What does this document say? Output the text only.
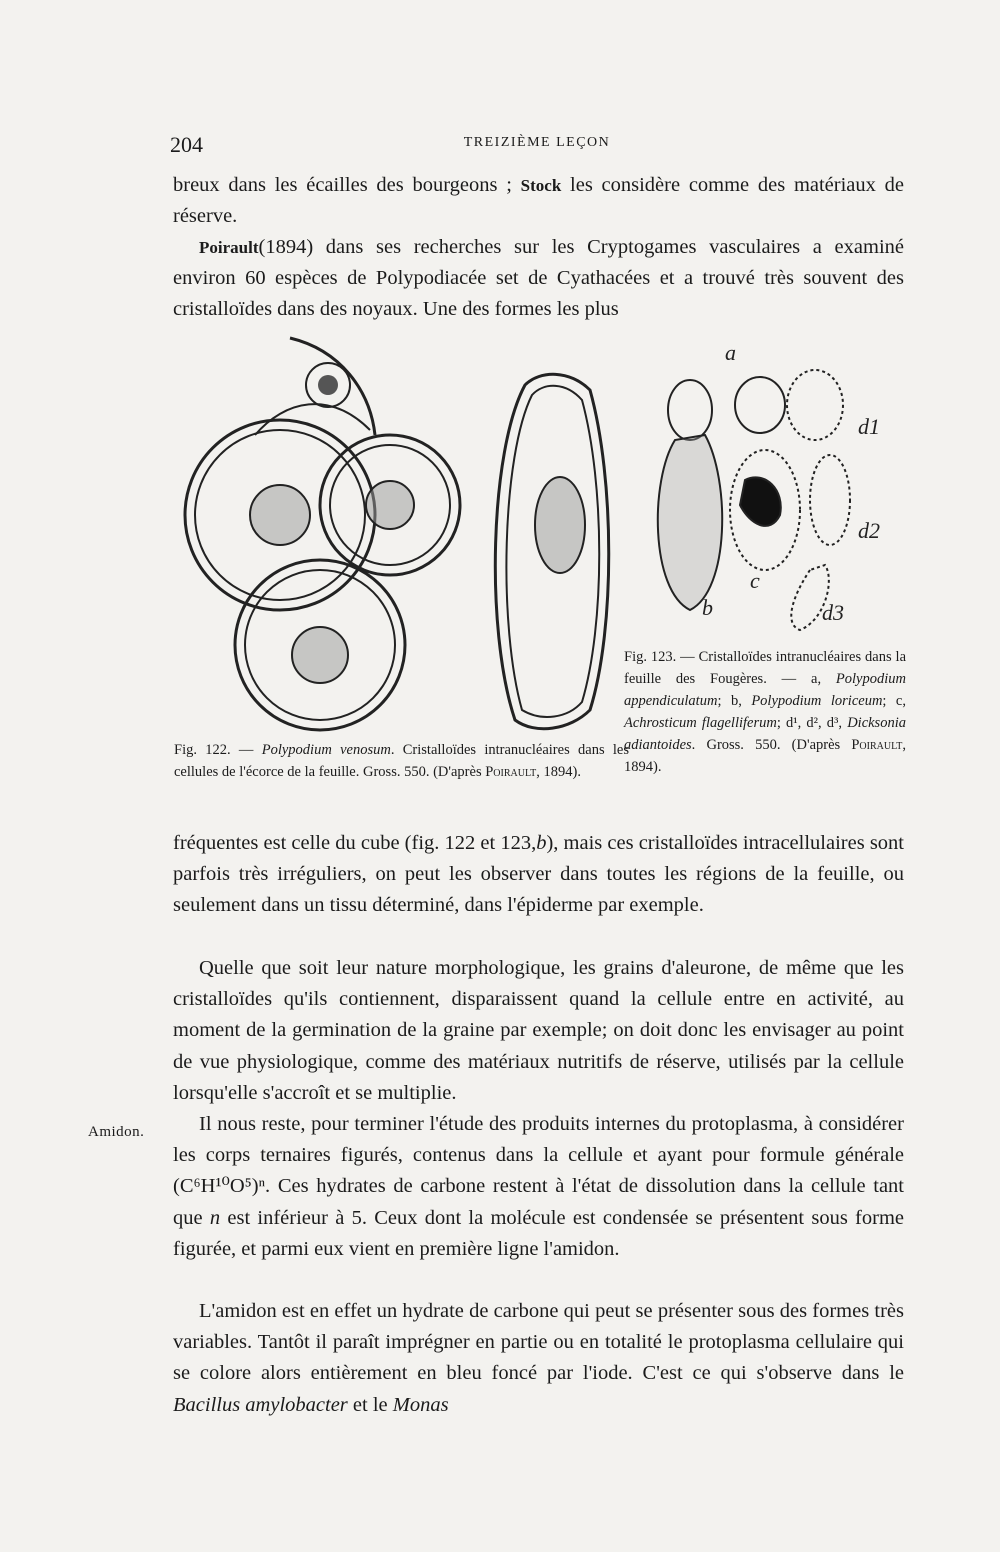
204	TREIZIÈME LEÇON

breux dans les écailles des bourgeons ; Stock les considère comme des matériaux de réserve.

Poirault(1894) dans ses recherches sur les Cryptogames vasculaires a examiné environ 60 espèces de Polypodiacée set de Cyathacées et a trouvé très souvent des cristalloïdes dans des noyaux. Une des formes les plus

a
b
c
d1
d2
d3
Fig. 122. — Polypodium venosum. Cristalloïdes intranucléaires dans les cellules de l'écorce de la feuille. Gross. 550. (D'après Poirault, 1894).
Fig. 123. — Cristalloïdes intranucléaires dans la feuille des Fougères. — a, Polypodium appendiculatum; b, Polypodium loriceum; c, Achrosticum flagelliferum; d¹, d², d³, Dicksonia adiantoides. Gross. 550. (D'après Poirault, 1894).

fréquentes est celle du cube (fig. 122 et 123,b), mais ces cristalloïdes intracellulaires sont parfois très irréguliers, on peut les observer dans toutes les régions de la feuille, ou seulement dans un tissu déterminé, dans l'épiderme par exemple.

Quelle que soit leur nature morphologique, les grains d'aleurone, de même que les cristalloïdes qu'ils contiennent, disparaissent quand la cellule entre en activité, au moment de la germination de la graine par exemple; on doit donc les envisager au point de vue physiologique, comme des matériaux nutritifs de réserve, utilisés par la cellule lorsqu'elle s'accroît et se multiplie.

Amidon.	Il nous reste, pour terminer l'étude des produits internes du protoplasma, à considérer les corps ternaires figurés, contenus dans la cellule et ayant pour formule générale (C⁶H¹⁰O⁵)ⁿ. Ces hydrates de carbone restent à l'état de dissolution dans la cellule tant que n est inférieur à 5. Ceux dont la molécule est condensée se présentent sous forme figurée, et parmi eux vient en première ligne l'amidon.

L'amidon est en effet un hydrate de carbone qui peut se présenter sous des formes très variables. Tantôt il paraît imprégner en partie ou en totalité le protoplasma cellulaire qui se colore alors entièrement en bleu foncé par l'iode. C'est ce qui s'observe dans le Bacillus amylobacter et le Monas
